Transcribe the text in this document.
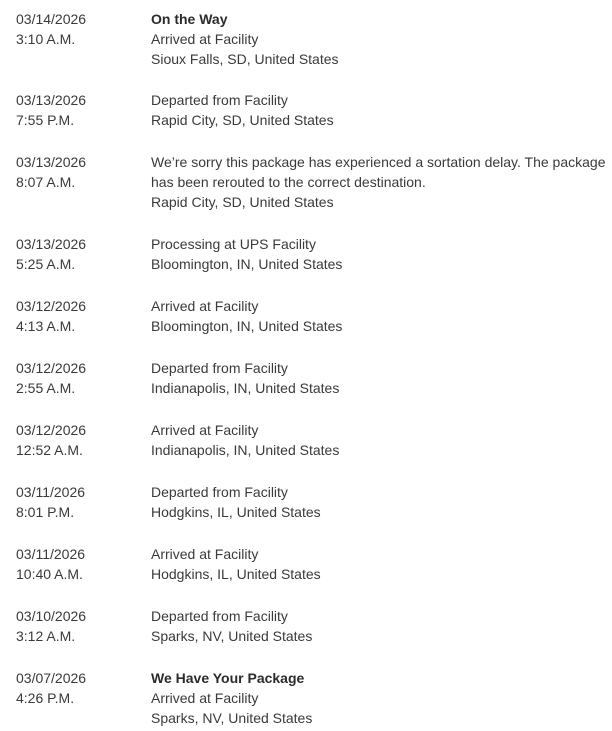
03/14/2026
3:10 A.M.
On the Way
Arrived at Facility
Sioux Falls, SD, United States
03/13/2026
7:55 P.M.
Departed from Facility
Rapid City, SD, United States
03/13/2026
8:07 A.M.
We’re sorry this package has experienced a sortation delay. The package has been rerouted to the correct destination.
Rapid City, SD, United States
03/13/2026
5:25 A.M.
Processing at UPS Facility
Bloomington, IN, United States
03/12/2026
4:13 A.M.
Arrived at Facility
Bloomington, IN, United States
03/12/2026
2:55 A.M.
Departed from Facility
Indianapolis, IN, United States
03/12/2026
12:52 A.M.
Arrived at Facility
Indianapolis, IN, United States
03/11/2026
8:01 P.M.
Departed from Facility
Hodgkins, IL, United States
03/11/2026
10:40 A.M.
Arrived at Facility
Hodgkins, IL, United States
03/10/2026
3:12 A.M.
Departed from Facility
Sparks, NV, United States
03/07/2026
4:26 P.M.
We Have Your Package
Arrived at Facility
Sparks, NV, United States
